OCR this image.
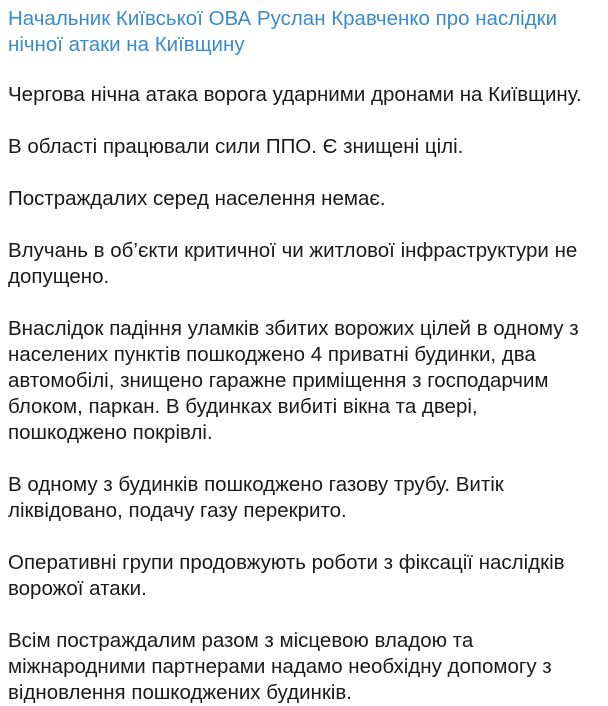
Начальник Київської ОВА Руслан Кравченко про наслідки нічної атаки на Київщину
Чергова нічна атака ворога ударними дронами на Київщину.
В області працювали сили ППО. Є знищені цілі.
Постраждалих серед населення немає.
Влучань в об’єкти критичної чи житлової інфраструктури не допущено.
Внаслідок падіння уламків збитих ворожих цілей в одному з населених пунктів пошкоджено 4 приватні будинки, два автомобілі, знищено гаражне приміщення з господарчим блоком, паркан. В будинках вибиті вікна та двері, пошкоджено покрівлі.
В одному з будинків пошкоджено газову трубу. Витік ліквідовано, подачу газу перекрито.
Оперативні групи продовжують роботи з фіксації наслідків ворожої атаки.
Всім постраждалим разом з місцевою владою та міжнародними партнерами надамо необхідну допомогу з відновлення пошкоджених будинків.
